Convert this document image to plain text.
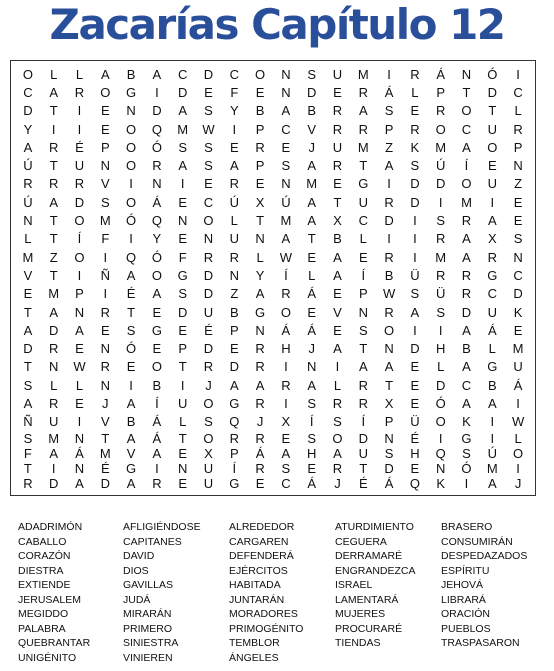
Zacarías Capítulo 12
O	L	L	A	B	A	C	D	C	O	N	S	U	M	I	R	Á	N	Ó	I
C	A	R	O	G	I	D	E	F	E	N	D	E	R	Á	L	P	T	D	C
D	T	I	E	N	D	A	S	Y	B	A	B	R	A	S	E	R	O	T	L
Y	I	I	E	O	Q	M	W	I	P	C	V	R	R	P	R	O	C	U	R
A	R	É	P	O	Ó	S	S	E	R	E	J	U	M	Z	K	M	A	O	P
Ú	T	U	N	O	R	A	S	A	P	S	A	R	T	A	S	Ú	Í	E	N
R	R	R	V	I	N	I	E	R	E	N	M	E	G	I	D	D	O	U	Z
Ú	A	D	S	O	Á	E	C	Ú	X	Ú	A	T	U	R	D	I	M	I	E
N	T	O	M	Ó	Q	N	O	L	T	M	A	X	C	D	I	S	R	A	E
L	T	Í	F	I	Y	E	N	U	N	A	T	B	L	I	I	R	A	X	S
M	Z	O	I	Q	Ó	F	R	R	L	W	E	A	E	R	I	M	A	R	N
V	T	I	Ñ	A	O	G	D	N	Y	Í	L	A	Í	B	Ü	R	R	G	C
E	M	P	I	É	A	S	D	Z	A	R	Á	E	P	W	S	Ü	R	C	D
T	A	N	R	T	E	D	U	B	G	O	E	V	N	R	A	S	D	U	K
A	D	A	E	S	G	E	É	P	N	Á	Á	E	S	O	I	I	A	Á	E
D	R	E	N	Ó	E	P	D	E	R	H	J	A	T	N	D	H	B	L	M
T	N	W	R	E	O	T	R	D	R	I	N	I	A	A	E	L	A	G	U
S	L	L	N	I	B	I	J	A	A	R	A	L	R	T	E	D	C	B	Á
A	R	E	J	A	Í	U	O	G	R	I	S	R	R	X	E	Ó	A	A	I
Ñ	U	I	V	B	Á	L	S	Q	J	X	Í	S	Í	P	Ü	O	K	I	W
S	M	N	T	A	Á	T	O	R	R	E	S	O	D	N	É	I	G	I	L
F	A	Á	M	V	A	E	X	P	Á	A	H	A	U	S	H	Q	S	Ú	O
T	I	N	É	G	I	N	U	Í	R	S	E	R	T	D	E	N	Ó	M	I
R	D	A	D	A	R	E	U	G	E	C	Á	J	É	Á	Q	K	I	A	J
ADADRIMÓN	AFLIGIÉNDOSE	ALREDEDOR	ATURDIMIENTO	BRASERO
CABALLO	CAPITANES	CARGAREN	CEGUERA	CONSUMIRÁN
CORAZÓN	DAVID	DEFENDERÁ	DERRAMARÉ	DESPEDAZADOS
DIESTRA	DIOS	EJÉRCITOS	ENGRANDEZCA	ESPÍRITU
EXTIENDE	GAVILLAS	HABITADA	ISRAEL	JEHOVÁ
JERUSALEM	JUDÁ	JUNTARÁN	LAMENTARÁ	LIBRARÁ
MEGIDDO	MIRARÁN	MORADORES	MUJERES	ORACIÓN
PALABRA	PRIMERO	PRIMOGÉNITO	PROCURARÉ	PUEBLOS
QUEBRANTAR	SINIESTRA	TEMBLOR	TIENDAS	TRASPASARON
UNIGÉNITO	VINIEREN	ÁNGELES
